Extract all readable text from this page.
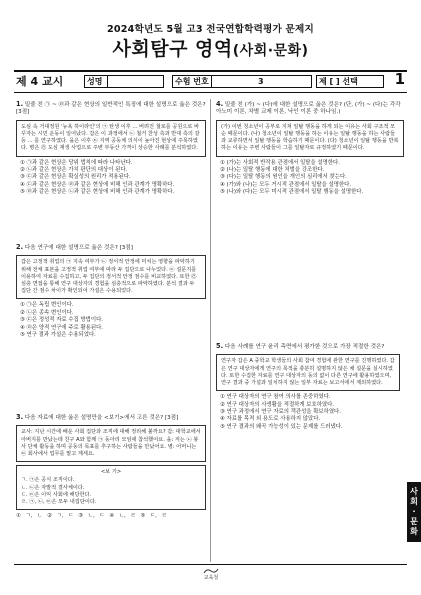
2024학년도 5월 고3 전국연합학력평가 문제지
사회탐구 영역(사회·문화)
제 4 교시	성명	수험 번호	3	제 [ ] 선택	1

1. 밑줄 친 ㉠ ~ ㉣과 같은 현상의 일반적인 특징에 대한 설명으로 옳은 것은? [3점]

도심 속 거대정원 '뉴욕 하이라인'의 ㉠ 탄생 이후 ... 버려진 철로를 공원으로 바꾸자는 시민 운동이 일어났다. 갑은 이 과정에서 ㉡ 철거 찬성 측과 반대 측의 갈등 ... 를 연구하였다. 을은 이후 ㉢ 지역 공동체 의식이 높아진 현상에 주목하였다. 병은 ㉣ 도심 재생 사업으로 주변 부동산 가격이 상승한 사례를 분석하였다.
① ㉠과 같은 현상은 당위 법칙에 따라 나타난다.
② ㉡과 같은 현상은 가치 판단의 대상이 된다.
③ ㉢과 같은 현상은 확실성의 원리가 적용된다.
④ ㉢과 같은 현상은 ㉣과 같은 현상에 비해 인과 관계가 명확하다.
⑤ ㉣과 같은 현상은 ㉡과 같은 현상에 비해 인과 관계가 명확하다.

2. 다음 연구에 대한 설명으로 옳은 것은? [3점]

갑은 고정적 취업의 ㉠ 지속 여부가 ㉡ 정서적 안정에 미치는 영향을 파악하기 위해 전체 표본을 고정적 취업 여부에 따라 두 집단으로 나누었다. ㉢ 설문지를 이용하여 자료를 수집하고, 두 집단의 정서적 안정 점수를 비교하였다. 또한 ㉣ 심층 면접을 통해 연구 대상자의 경험을 심층적으로 파악하였다. 분석 결과 두 집단 간 점수 차이가 확인되어 가설은 수용되었다.
① ㉠은 독립 변인이다.
② ㉡은 종속 변인이다.
③ ㉢은 정성적 자료 수집 방법이다.
④ ㉣은 양적 연구에 주로 활용된다.
⑤ 연구 결과 가설은 수용되었다.

3. 다음 자료에 대한 옳은 설명만을 <보기>에서 고른 것은? [3점]

교사: 지난 시간에 배운 사회 집단과 조직에 대해 정리해 볼까요? 갑: 대학교에서 아버지를 만났는데 친구 A와 함께 ㉠ 동아리 모임에 참석했어요. 을: 저는 ㉡ 봉사 단체 활동을 하며 공동의 목표를 추구하는 사람들을 만났어요. 병: 어머니는 ㉢ 회사에서 업무를 맡고 계세요.
<보 기>
ㄱ. ㉠은 공식 조직이다.
ㄴ. ㉡은 자발적 결사체이다.
ㄷ. ㉢은 이익 사회에 해당한다.
ㄹ. ㉠, ㉡, ㉢은 모두 내집단이다.
① ㄱ, ㄴ ② ㄱ, ㄷ ③ ㄴ, ㄷ ④ ㄴ, ㄹ ⑤ ㄷ, ㄹ

4. 밑줄 친 (가) ~ (다)에 대한 설명으로 옳은 것은? (단, (가) ~ (다)는 각각 아노미 이론, 차별 교제 이론, 낙인 이론 중 하나임.)

(가) 이번 청소년이 공부로 지쳐 일탈 행동을 하게 되는 이유는 사회 구조적 모순 때문이다. (나) 청소년이 일탈 행동을 하는 이유는 일탈 행동을 하는 사람들과 교류하면서 일탈 행동을 학습하기 때문이다. (다) 청소년이 일탈 행동을 반복하는 이유는 주변 사람들이 그를 일탈자로 규정하였기 때문이다.
① (가)는 사회적 반작용 관점에서 일탈을 설명한다.
② (나)는 일탈 행동에 대한 처벌을 강조한다.
③ (다)는 일탈 행동의 원인을 개인의 심리에서 찾는다.
④ (가)와 (나)는 모두 거시적 관점에서 일탈을 설명한다.
⑤ (나)와 (다)는 모두 미시적 관점에서 일탈 행동을 설명한다.

5. 다음 사례를 연구 윤리 측면에서 평가한 것으로 가장 적절한 것은?

연구자 갑은 A 중학교 학생들의 사회 참여 경험에 관한 연구를 진행하였다. 갑은 연구 대상자에게 연구의 목적을 충분히 설명하지 않은 채 설문을 실시하였다. 또한 수집한 자료를 연구 대상자의 동의 없이 다른 연구에 활용하였으며, 연구 결과 중 가설과 일치하지 않는 일부 자료는 보고서에서 제외하였다.
① 연구 대상자의 연구 참여 의사를 존중하였다.
② 연구 대상자의 사생활을 적절하게 보호하였다.
③ 연구 과정에서 연구 자료의 객관성을 확보하였다.
④ 자료를 목적 외 용도로 사용하지 않았다.
⑤ 연구 결과의 왜곡 가능성이 있는 문제를 드러냈다.
사
회
·
문
화
교육청
